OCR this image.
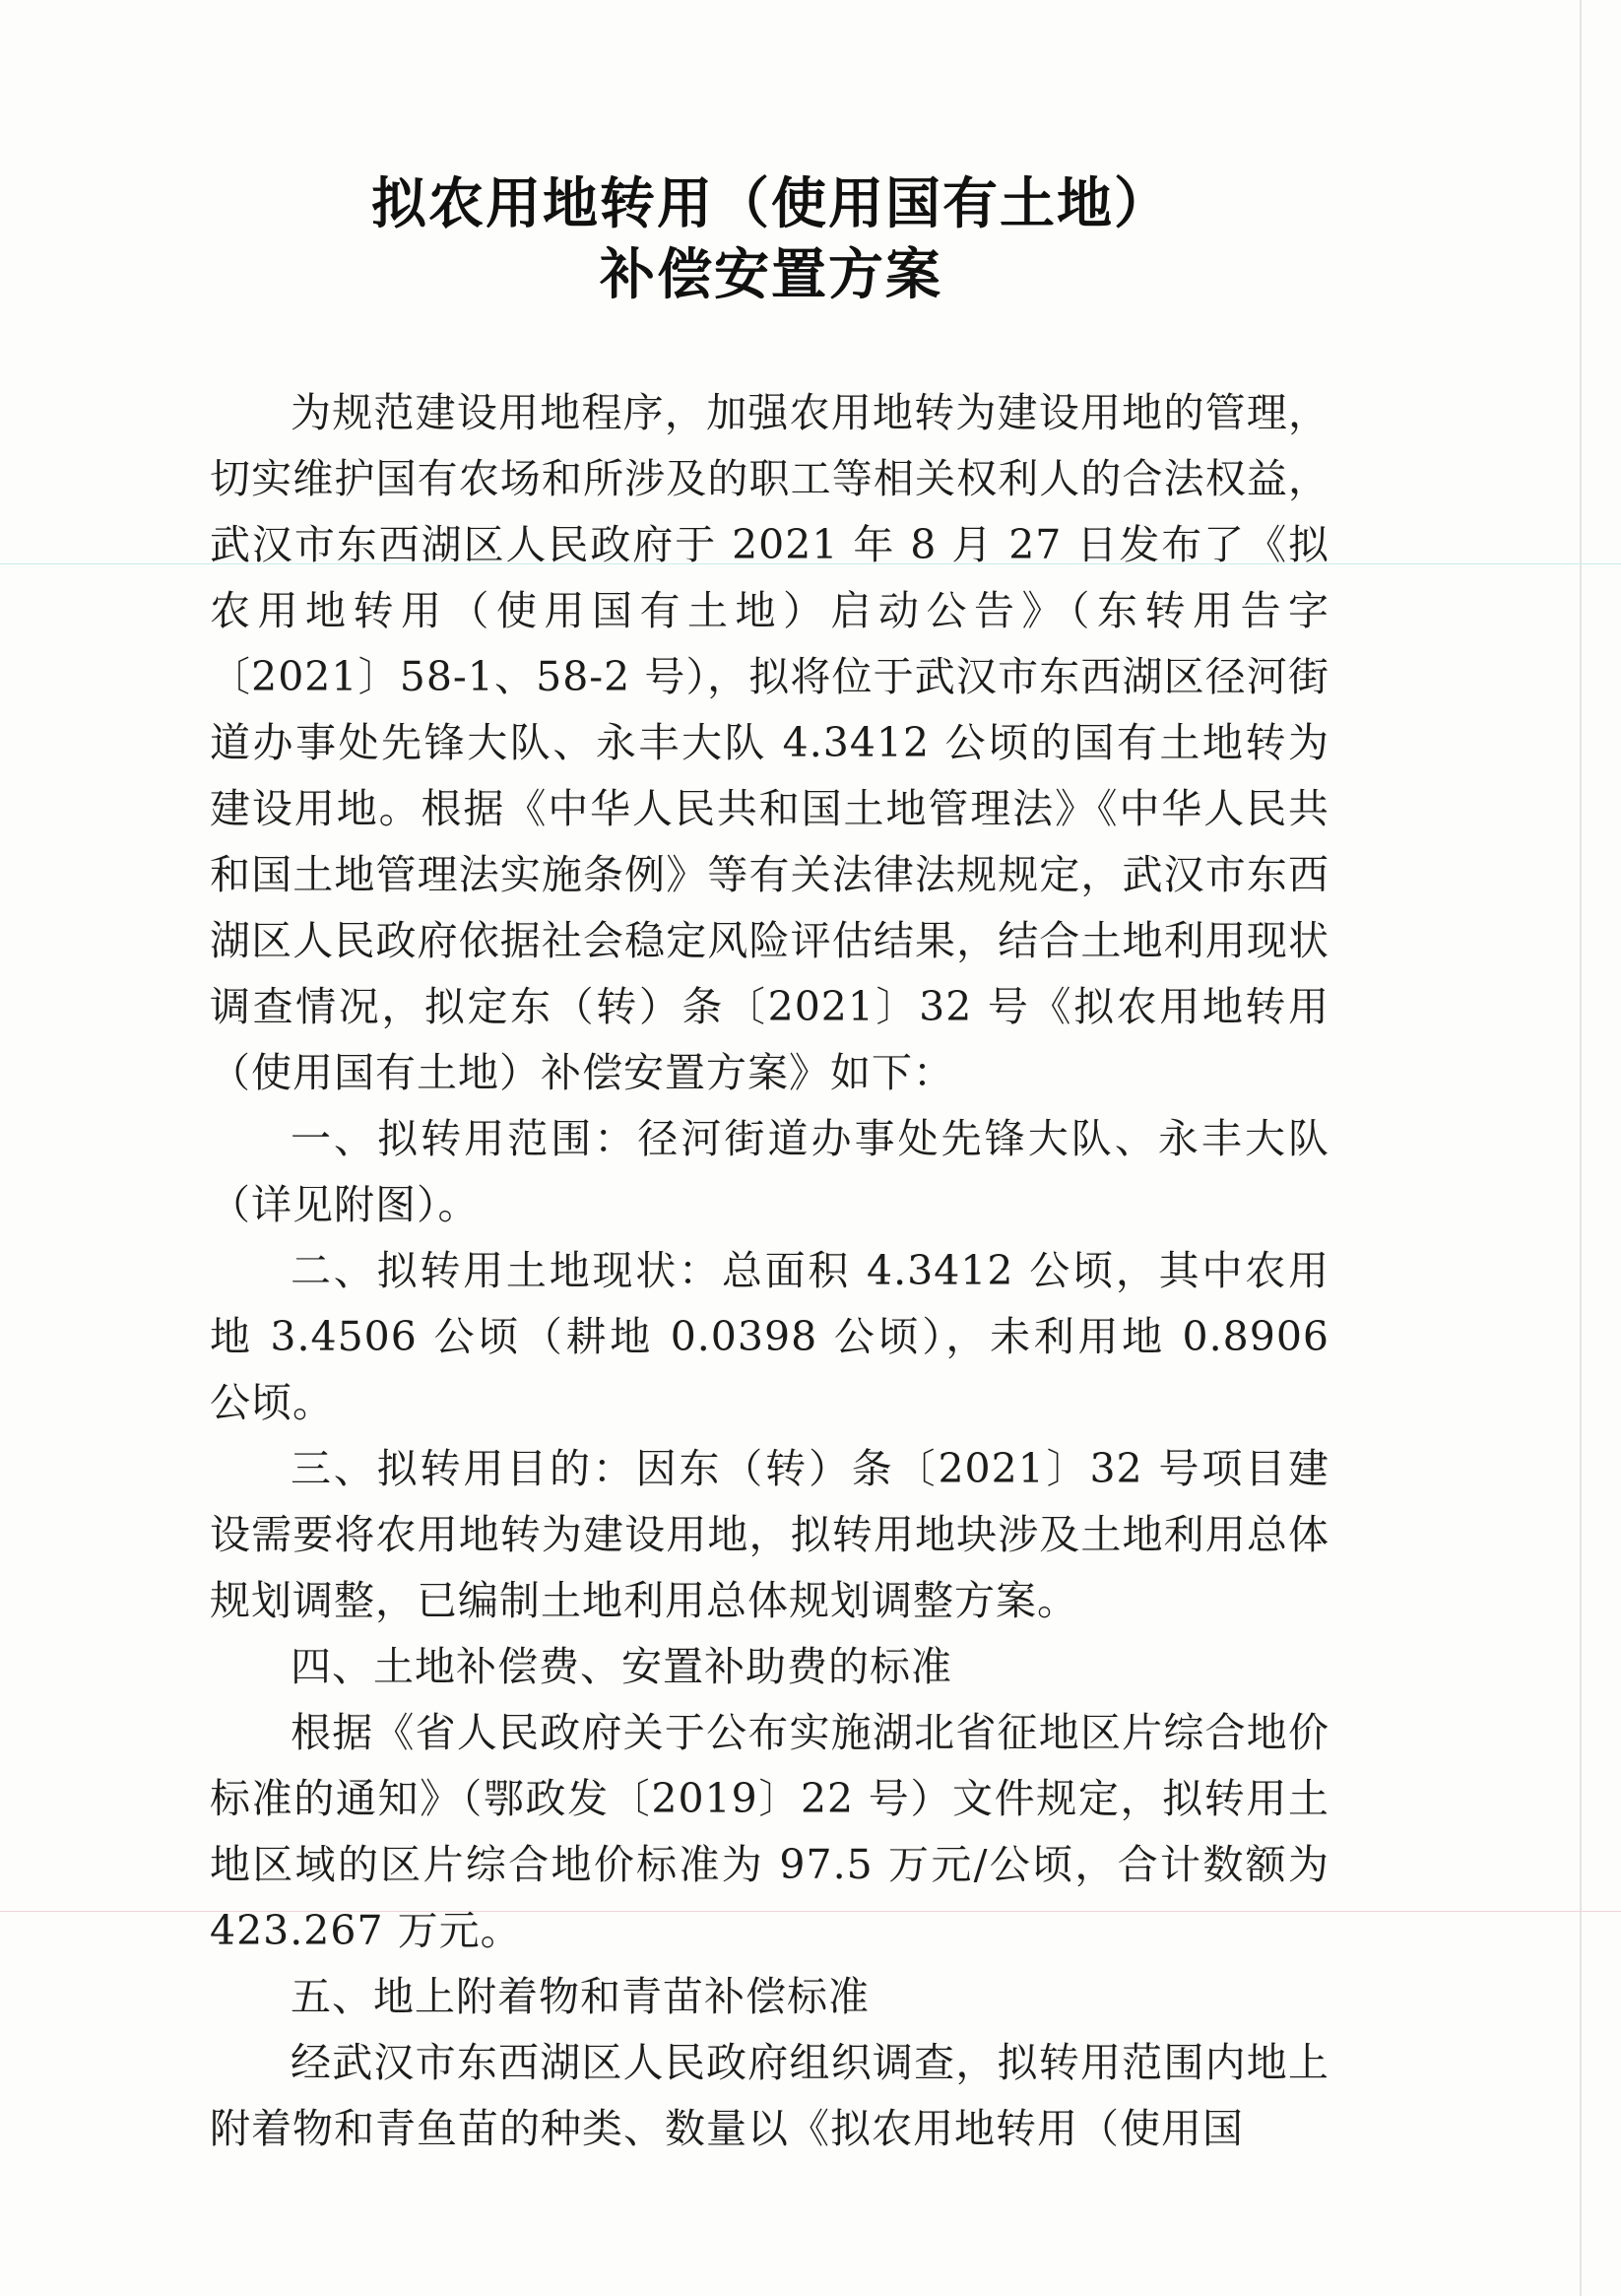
拟农用地转用（使用国有土地）
补偿安置方案

为规范建设用地程序，加强农用地转为建设用地的管理，切实维护国有农场和所涉及的职工等相关权利人的合法权益，武汉市东西湖区人民政府于 2021 年 8 月 27 日发布了《拟农用地转用（使用国有土地）启动公告》（东转用告字〔2021〕58-1、58-2 号），拟将位于武汉市东西湖区径河街道办事处先锋大队、永丰大队 4.3412 公顷的国有土地转为建设用地。根据《中华人民共和国土地管理法》《中华人民共和国土地管理法实施条例》等有关法律法规规定，武汉市东西湖区人民政府依据社会稳定风险评估结果，结合土地利用现状调查情况，拟定东（转）条〔2021〕32 号《拟农用地转用（使用国有土地）补偿安置方案》如下：

一、拟转用范围：径河街道办事处先锋大队、永丰大队（详见附图）。

二、拟转用土地现状：总面积 4.3412 公顷，其中农用地 3.4506 公顷（耕地 0.0398 公顷），未利用地 0.8906 公顷。

三、拟转用目的：因东（转）条〔2021〕32 号项目建设需要将农用地转为建设用地，拟转用地块涉及土地利用总体规划调整，已编制土地利用总体规划调整方案。

四、土地补偿费、安置补助费的标准

根据《省人民政府关于公布实施湖北省征地区片综合地价标准的通知》（鄂政发〔2019〕22 号）文件规定，拟转用土地区域的区片综合地价标准为 97.5 万元/公顷，合计数额为 423.267 万元。

五、地上附着物和青苗补偿标准

经武汉市东西湖区人民政府组织调查，拟转用范围内地上附着物和青鱼苗的种类、数量以《拟农用地转用（使用国
